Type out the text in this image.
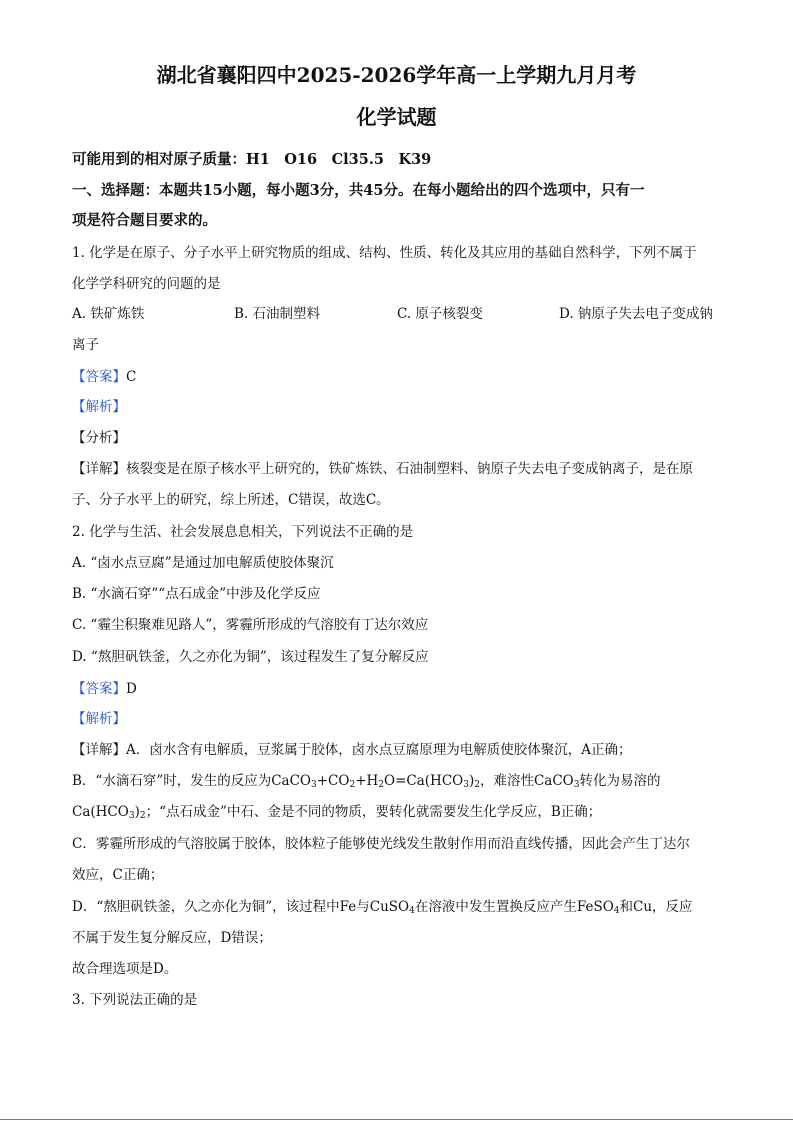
湖北省襄阳四中2025-2026学年高一上学期九月月考
化学试题
可能用到的相对原子质量：H1　O16　Cl35.5　K39
一、选择题：本题共15小题，每小题3分，共45分。在每小题给出的四个选项中，只有一
项是符合题目要求的。
1. 化学是在原子、分子水平上研究物质的组成、结构、性质、转化及其应用的基础自然科学，下列不属于
化学学科研究的问题的是
A. 铁矿炼铁	B. 石油制塑料	C. 原子核裂变	D. 钠原子失去电子变成钠
离子
【答案】C
【解析】
【分析】
【详解】核裂变是在原子核水平上研究的，铁矿炼铁、石油制塑料、钠原子失去电子变成钠离子，是在原
子、分子水平上的研究，综上所述，C错误，故选C。
2. 化学与生活、社会发展息息相关，下列说法不正确的是
A. “卤水点豆腐”是通过加电解质使胶体聚沉
B. “水滴石穿”“点石成金”中涉及化学反应
C. “霾尘积聚难见路人”，雾霾所形成的气溶胶有丁达尔效应
D. “熬胆矾铁釜，久之亦化为铜”，该过程发生了复分解反应
【答案】D
【解析】
【详解】A．卤水含有电解质，豆浆属于胶体，卤水点豆腐原理为电解质使胶体聚沉，A正确；
B．“水滴石穿”时，发生的反应为$CaCO_3+CO_2+H_2O=Ca(HCO_3)_2$，难溶性CaCO$_3$转化为易溶的
$Ca(HCO_3)_2$；“点石成金”中石、金是不同的物质，要转化就需要发生化学反应，B正确；
C．雾霾所形成的气溶胶属于胶体，胶体粒子能够使光线发生散射作用而沿直线传播，因此会产生丁达尔
效应，C正确；
D．“熬胆矾铁釜，久之亦化为铜”，该过程中Fe与CuSO$_4$在溶液中发生置换反应产生FeSO$_4$和Cu，反应
不属于发生复分解反应，D错误；
故合理选项是D。
3. 下列说法正确的是
